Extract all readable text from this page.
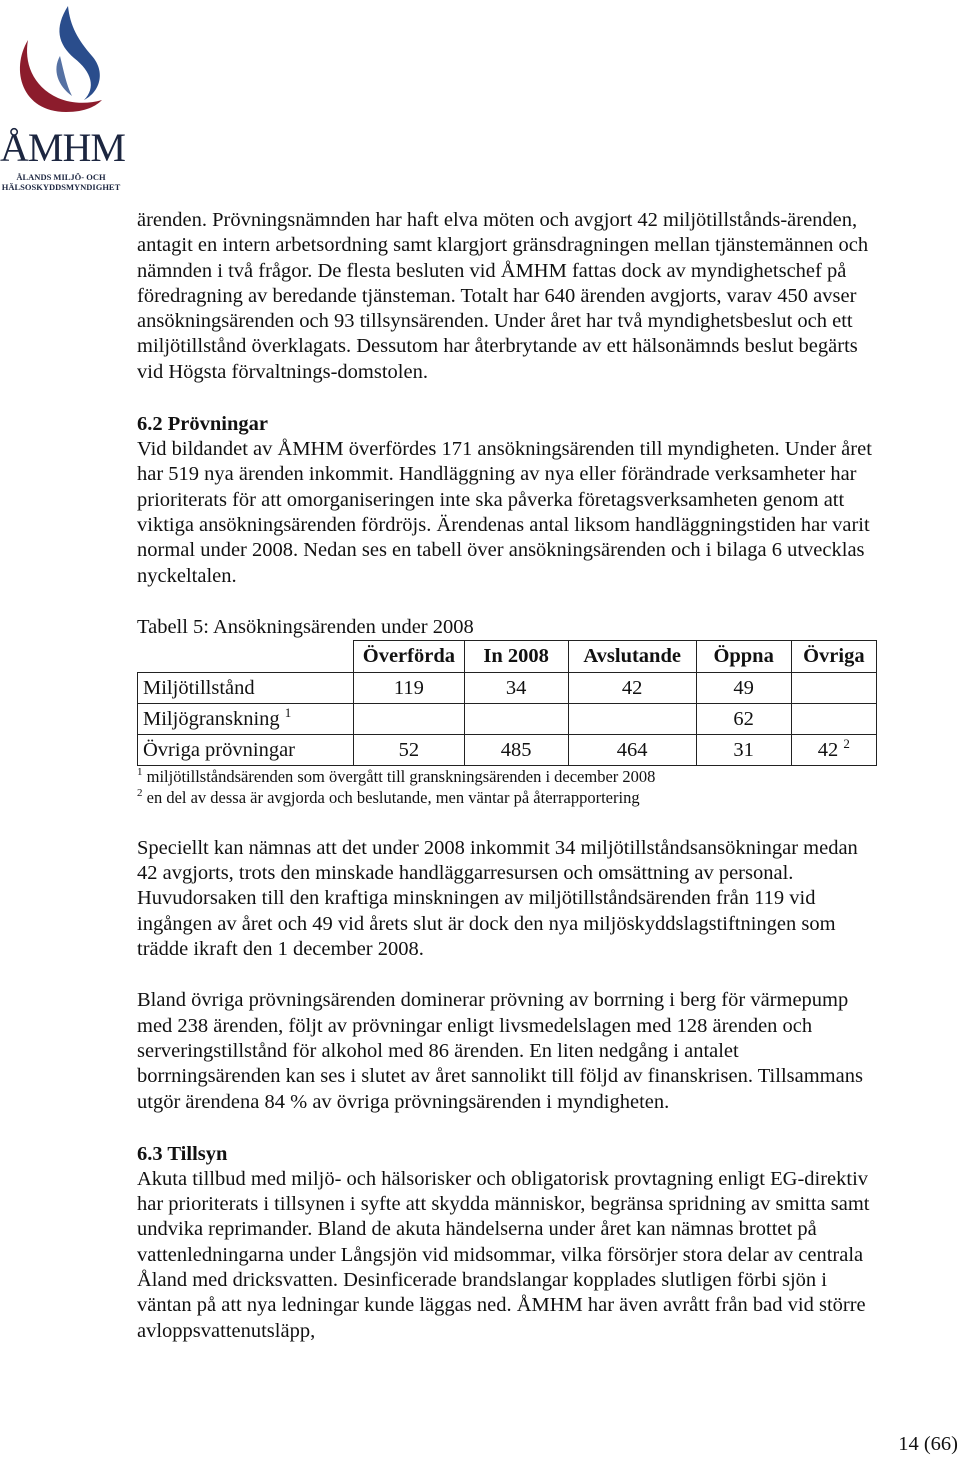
ÅMHM
ÅLANDS MILJÖ- OCH
HÄLSOSKYDDSMYNDIGHET

ärenden. Prövningsnämnden har haft elva möten och avgjort 42 miljötillstånds-ärenden, antagit en intern arbetsordning samt klargjort gränsdragningen mellan tjänstemännen och nämnden i två frågor. De flesta besluten vid ÅMHM fattas dock av myndighetschef på föredragning av beredande tjänsteman. Totalt har 640 ärenden avgjorts, varav 450 avser ansökningsärenden och 93 tillsynsärenden. Under året har två myndighetsbeslut och ett miljötillstånd överklagats. Dessutom har återbrytande av ett hälsonämnds beslut begärts vid Högsta förvaltnings-domstolen.

6.2 Prövningar

Vid bildandet av ÅMHM överfördes 171 ansökningsärenden till myndigheten. Under året har 519 nya ärenden inkommit. Handläggning av nya eller förändrade verksamheter har prioriterats för att omorganiseringen inte ska påverka företagsverksamheten genom att viktiga ansökningsärenden fördröjs. Ärendenas antal liksom handläggningstiden har varit normal under 2008. Nedan ses en tabell över ansökningsärenden och i bilaga 6 utvecklas nyckeltalen.

Tabell 5: Ansökningsärenden under 2008

	Överförda	In 2008	Avslutande	Öppna	Övriga
Miljötillstånd	119	34	42	49	
Miljögranskning $^1$				62	
Övriga prövningar	52	485	464	31	42 $^2$

$^1$ miljötillståndsärenden som övergått till granskningsärenden i december 2008

$^2$ en del av dessa är avgjorda och beslutande, men väntar på återrapportering

Speciellt kan nämnas att det under 2008 inkommit 34 miljötillståndsansökningar medan 42 avgjorts, trots den minskade handläggarresursen och omsättning av personal. Huvudorsaken till den kraftiga minskningen av miljötillståndsärenden från 119 vid ingången av året och 49 vid årets slut är dock den nya miljöskyddslagstiftningen som trädde ikraft den 1 december 2008.

Bland övriga prövningsärenden dominerar prövning av borrning i berg för värmepump med 238 ärenden, följt av prövningar enligt livsmedelslagen med 128 ärenden och serveringstillstånd för alkohol med 86 ärenden. En liten nedgång i antalet borrningsärenden kan ses i slutet av året sannolikt till följd av finanskrisen. Tillsammans utgör ärendena 84 % av övriga prövningsärenden i myndigheten.

6.3 Tillsyn

Akuta tillbud med miljö- och hälsorisker och obligatorisk provtagning enligt EG-direktiv har prioriterats i tillsynen i syfte att skydda människor, begränsa spridning av smitta samt undvika reprimander. Bland de akuta händelserna under året kan nämnas brottet på vattenledningarna under Långsjön vid midsommar, vilka försörjer stora delar av centrala Åland med dricksvatten. Desinficerade brandslangar kopplades slutligen förbi sjön i väntan på att nya ledningar kunde läggas ned. ÅMHM har även avrått från bad vid större avloppsvattenutsläpp,

14 (66)
